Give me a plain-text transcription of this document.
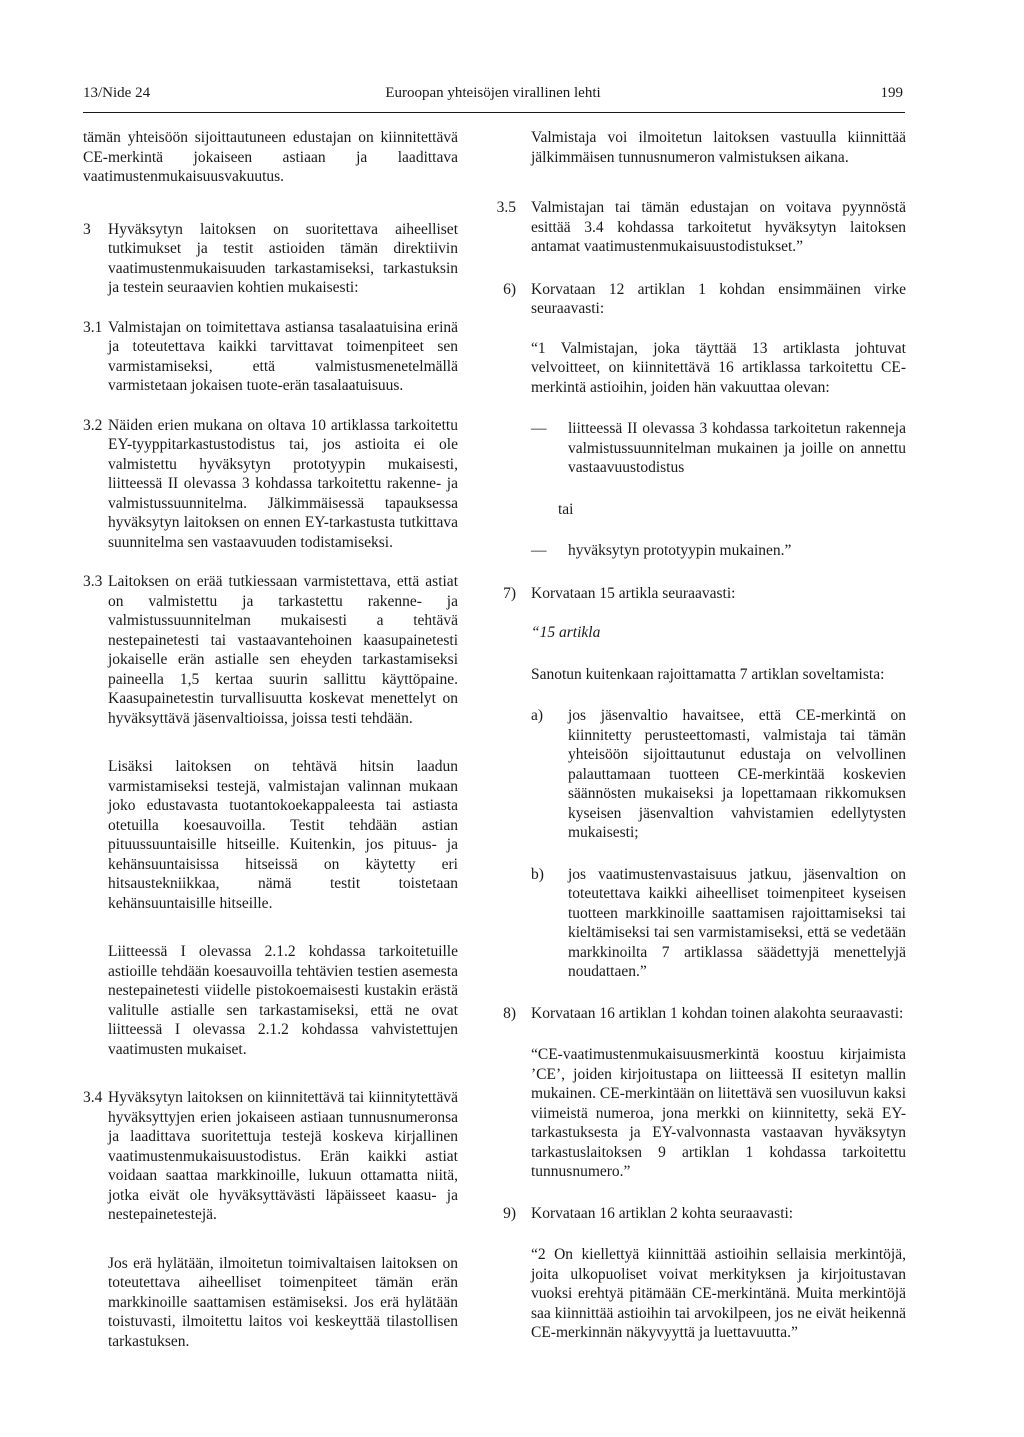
13/Nide 24	Euroopan yhteisöjen virallinen lehti	199

tämän yhteisöön sijoittautuneen edustajan on kiinnitettävä CE-merkintä jokaiseen astiaan ja laadittava vaatimustenmukaisuusvakuutus.

3 Hyväksytyn laitoksen on suoritettava aiheelliset tutkimukset ja testit astioiden tämän direktiivin vaatimustenmukaisuuden tarkastamiseksi, tarkastuksin ja testein seuraavien kohtien mukaisesti:

3.1 Valmistajan on toimitettava astiansa tasalaatuisina erinä ja toteutettava kaikki tarvittavat toimenpiteet sen varmistamiseksi, että valmistusmenetelmällä varmistetaan jokaisen tuote-erän tasalaatuisuus.

3.2 Näiden erien mukana on oltava 10 artiklassa tarkoitettu EY-tyyppitarkastustodistus tai, jos astioita ei ole valmistettu hyväksytyn prototyypin mukaisesti, liitteessä II olevassa 3 kohdassa tarkoitettu rakenne- ja valmistussuunnitelma. Jälkimmäisessä tapauksessa hyväksytyn laitoksen on ennen EY-tarkastusta tutkittava suunnitelma sen vastaavuuden todistamiseksi.

3.3 Laitoksen on erää tutkiessaan varmistettava, että astiat on valmistettu ja tarkastettu rakenne- ja valmistussuunnitelman mukaisesti a tehtävä nestepainetesti tai vastaavantehoinen kaasupainetesti jokaiselle erän astialle sen eheyden tarkastamiseksi paineella 1,5 kertaa suurin sallittu käyttöpaine. Kaasupainetestin turvallisuutta koskevat menettelyt on hyväksyttävä jäsenvaltioissa, joissa testi tehdään.

Lisäksi laitoksen on tehtävä hitsin laadun varmistamiseksi testejä, valmistajan valinnan mukaan joko edustavasta tuotantokoekappaleesta tai astiasta otetuilla koesauvoilla. Testit tehdään astian pituussuuntaisille hitseille. Kuitenkin, jos pituus- ja kehänsuuntaisissa hitseissä on käytetty eri hitsaustekniikkaa, nämä testit toistetaan kehänsuuntaisille hitseille.

Liitteessä I olevassa 2.1.2 kohdassa tarkoitetuille astioille tehdään koesauvoilla tehtävien testien asemesta nestepainetesti viidelle pistokoemaisesti kustakin erästä valitulle astialle sen tarkastamiseksi, että ne ovat liitteessä I olevassa 2.1.2 kohdassa vahvistettujen vaatimusten mukaiset.

3.4 Hyväksytyn laitoksen on kiinnitettävä tai kiinnitytettävä hyväksyttyjen erien jokaiseen astiaan tunnusnumeronsa ja laadittava suoritettuja testejä koskeva kirjallinen vaatimustenmukaisuustodistus. Erän kaikki astiat voidaan saattaa markkinoille, lukuun ottamatta niitä, jotka eivät ole hyväksyttävästi läpäisseet kaasu- ja nestepainetestejä.

Jos erä hylätään, ilmoitetun toimivaltaisen laitoksen on toteutettava aiheelliset toimenpiteet tämän erän markkinoille saattamisen estämiseksi. Jos erä hylätään toistuvasti, ilmoitettu laitos voi keskeyttää tilastollisen tarkastuksen.

Valmistaja voi ilmoitetun laitoksen vastuulla kiinnittää jälkimmäisen tunnusnumeron valmistuksen aikana.

3.5 Valmistajan tai tämän edustajan on voitava pyynnöstä esittää 3.4 kohdassa tarkoitetut hyväksytyn laitoksen antamat vaatimustenmukaisuustodistukset.”

6) Korvataan 12 artiklan 1 kohdan ensimmäinen virke seuraavasti:

“1 Valmistajan, joka täyttää 13 artiklasta johtuvat velvoitteet, on kiinnitettävä 16 artiklassa tarkoitettu CE-merkintä astioihin, joiden hän vakuuttaa olevan:

— liitteessä II olevassa 3 kohdassa tarkoitetun rakenneja valmistussuunnitelman mukainen ja joille on annettu vastaavuustodistus

tai

— hyväksytyn prototyypin mukainen.”

7) Korvataan 15 artikla seuraavasti:

“15 artikla

Sanotun kuitenkaan rajoittamatta 7 artiklan soveltamista:

a) jos jäsenvaltio havaitsee, että CE-merkintä on kiinnitetty perusteettomasti, valmistaja tai tämän yhteisöön sijoittautunut edustaja on velvollinen palauttamaan tuotteen CE-merkintää koskevien säännösten mukaiseksi ja lopettamaan rikkomuksen kyseisen jäsenvaltion vahvistamien edellytysten mukaisesti;

b) jos vaatimustenvastaisuus jatkuu, jäsenvaltion on toteutettava kaikki aiheelliset toimenpiteet kyseisen tuotteen markkinoille saattamisen rajoittamiseksi tai kieltämiseksi tai sen varmistamiseksi, että se vedetään markkinoilta 7 artiklassa säädettyjä menettelyjä noudattaen.”

8) Korvataan 16 artiklan 1 kohdan toinen alakohta seuraavasti:

“CE-vaatimustenmukaisuusmerkintä koostuu kirjaimista ’CE’, joiden kirjoitustapa on liitteessä II esitetyn mallin mukainen. CE-merkintään on liitettävä sen vuosiluvun kaksi viimeistä numeroa, jona merkki on kiinnitetty, sekä EY-tarkastuksesta ja EY-valvonnasta vastaavan hyväksytyn tarkastuslaitoksen 9 artiklan 1 kohdassa tarkoitettu tunnusnumero.”

9) Korvataan 16 artiklan 2 kohta seuraavasti:

“2 On kiellettyä kiinnittää astioihin sellaisia merkintöjä, joita ulkopuoliset voivat merkityksen ja kirjoitustavan vuoksi erehtyä pitämään CE-merkintänä. Muita merkintöjä saa kiinnittää astioihin tai arvokilpeen, jos ne eivät heikennä CE-merkinnän näkyvyyttä ja luettavuutta.”
